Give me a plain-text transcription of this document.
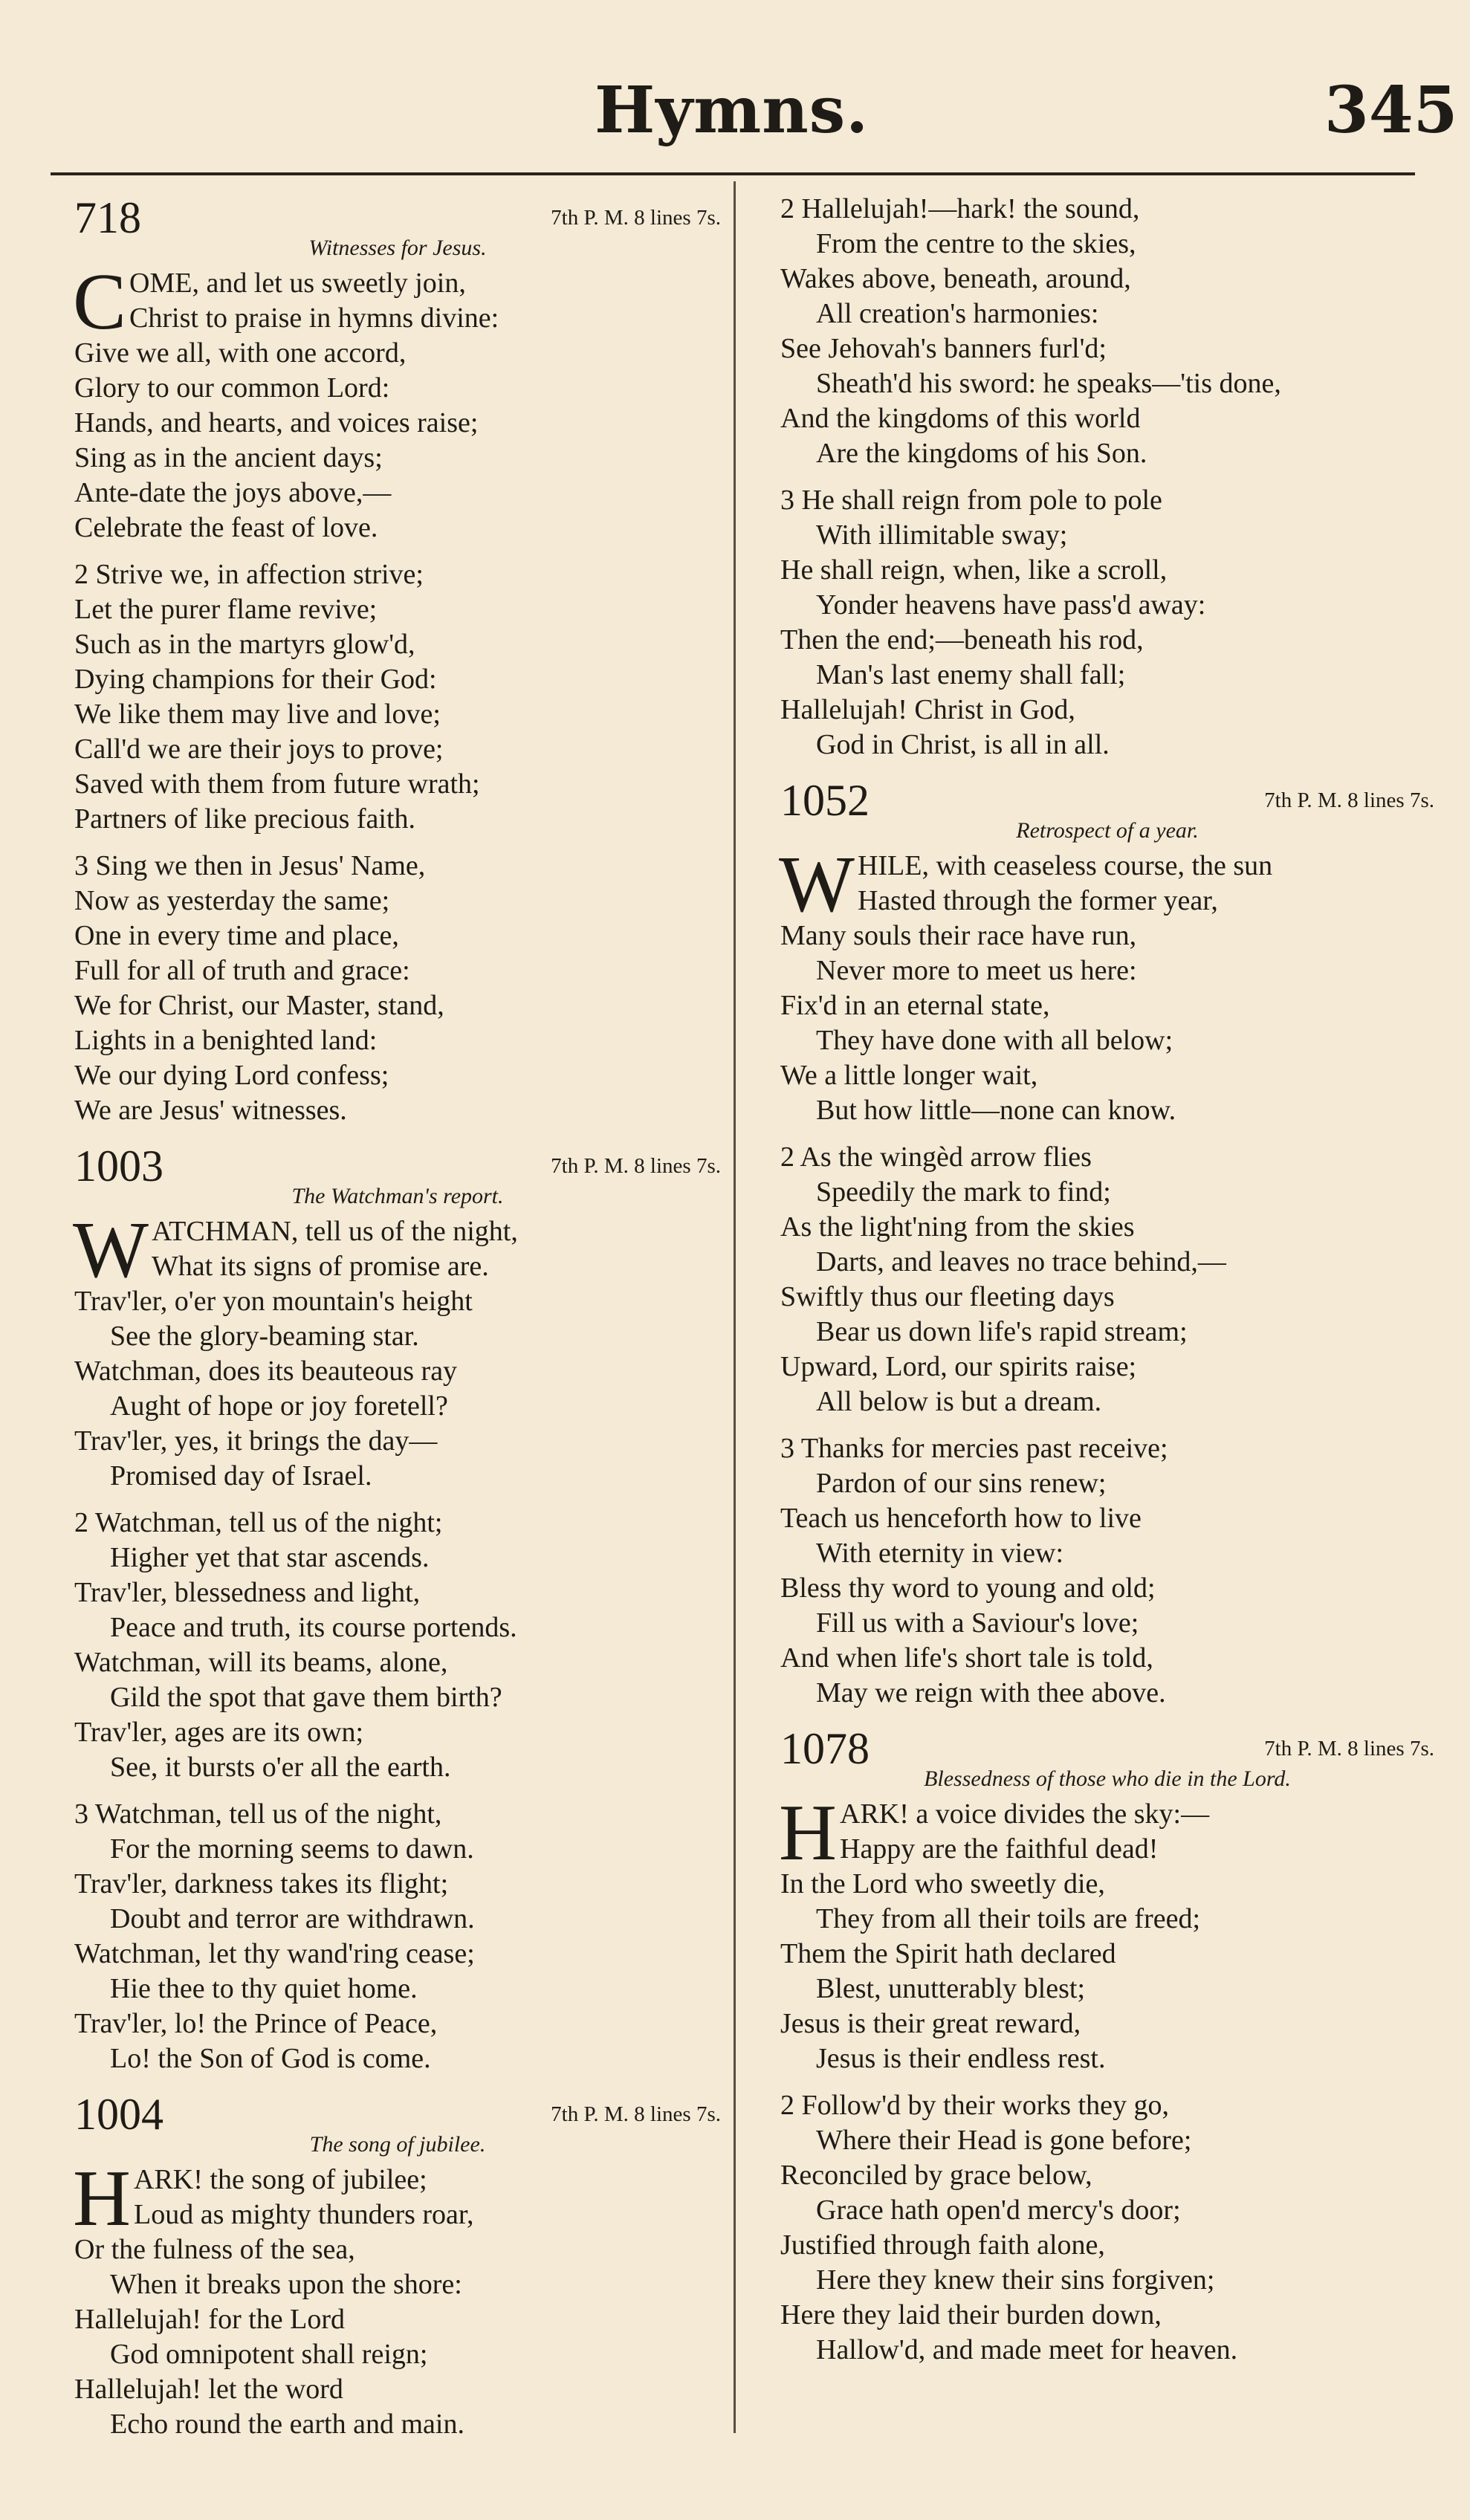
Hymns.	345
718	7th P. M. 8 lines 7s.
Witnesses for Jesus.
C OME, and let us sweetly join,
Christ to praise in hymns divine:
Give we all, with one accord,
Glory to our common Lord:
Hands, and hearts, and voices raise;
Sing as in the ancient days;
Ante-date the joys above,—
Celebrate the feast of love.
2 Strive we, in affection strive;
Let the purer flame revive;
Such as in the martyrs glow'd,
Dying champions for their God:
We like them may live and love;
Call'd we are their joys to prove;
Saved with them from future wrath;
Partners of like precious faith.
3 Sing we then in Jesus' Name,
Now as yesterday the same;
One in every time and place,
Full for all of truth and grace:
We for Christ, our Master, stand,
Lights in a benighted land:
We our dying Lord confess;
We are Jesus' witnesses.
1003	7th P. M. 8 lines 7s.
The Watchman's report.
W ATCHMAN, tell us of the night,
What its signs of promise are.
Trav'ler, o'er yon mountain's height
See the glory-beaming star.
Watchman, does its beauteous ray
Aught of hope or joy foretell?
Trav'ler, yes, it brings the day—
Promised day of Israel.
2 Watchman, tell us of the night;
Higher yet that star ascends.
Trav'ler, blessedness and light,
Peace and truth, its course portends.
Watchman, will its beams, alone,
Gild the spot that gave them birth?
Trav'ler, ages are its own;
See, it bursts o'er all the earth.
3 Watchman, tell us of the night,
For the morning seems to dawn.
Trav'ler, darkness takes its flight;
Doubt and terror are withdrawn.
Watchman, let thy wand'ring cease;
Hie thee to thy quiet home.
Trav'ler, lo! the Prince of Peace,
Lo! the Son of God is come.
1004	7th P. M. 8 lines 7s.
The song of jubilee.
H ARK! the song of jubilee;
Loud as mighty thunders roar,
Or the fulness of the sea,
When it breaks upon the shore:
Hallelujah! for the Lord
God omnipotent shall reign;
Hallelujah! let the word
Echo round the earth and main.
2 Hallelujah!—hark! the sound,
From the centre to the skies,
Wakes above, beneath, around,
All creation's harmonies:
See Jehovah's banners furl'd;
Sheath'd his sword: he speaks—'tis done,
And the kingdoms of this world
Are the kingdoms of his Son.
3 He shall reign from pole to pole
With illimitable sway;
He shall reign, when, like a scroll,
Yonder heavens have pass'd away:
Then the end;—beneath his rod,
Man's last enemy shall fall;
Hallelujah! Christ in God,
God in Christ, is all in all.
1052	7th P. M. 8 lines 7s.
Retrospect of a year.
W HILE, with ceaseless course, the sun
Hasted through the former year,
Many souls their race have run,
Never more to meet us here:
Fix'd in an eternal state,
They have done with all below;
We a little longer wait,
But how little—none can know.
2 As the wingèd arrow flies
Speedily the mark to find;
As the light'ning from the skies
Darts, and leaves no trace behind,—
Swiftly thus our fleeting days
Bear us down life's rapid stream;
Upward, Lord, our spirits raise;
All below is but a dream.
3 Thanks for mercies past receive;
Pardon of our sins renew;
Teach us henceforth how to live
With eternity in view:
Bless thy word to young and old;
Fill us with a Saviour's love;
And when life's short tale is told,
May we reign with thee above.
1078	7th P. M. 8 lines 7s.
Blessedness of those who die in the Lord.
H ARK! a voice divides the sky:—
Happy are the faithful dead!
In the Lord who sweetly die,
They from all their toils are freed;
Them the Spirit hath declared
Blest, unutterably blest;
Jesus is their great reward,
Jesus is their endless rest.
2 Follow'd by their works they go,
Where their Head is gone before;
Reconciled by grace below,
Grace hath open'd mercy's door;
Justified through faith alone,
Here they knew their sins forgiven;
Here they laid their burden down,
Hallow'd, and made meet for heaven.
